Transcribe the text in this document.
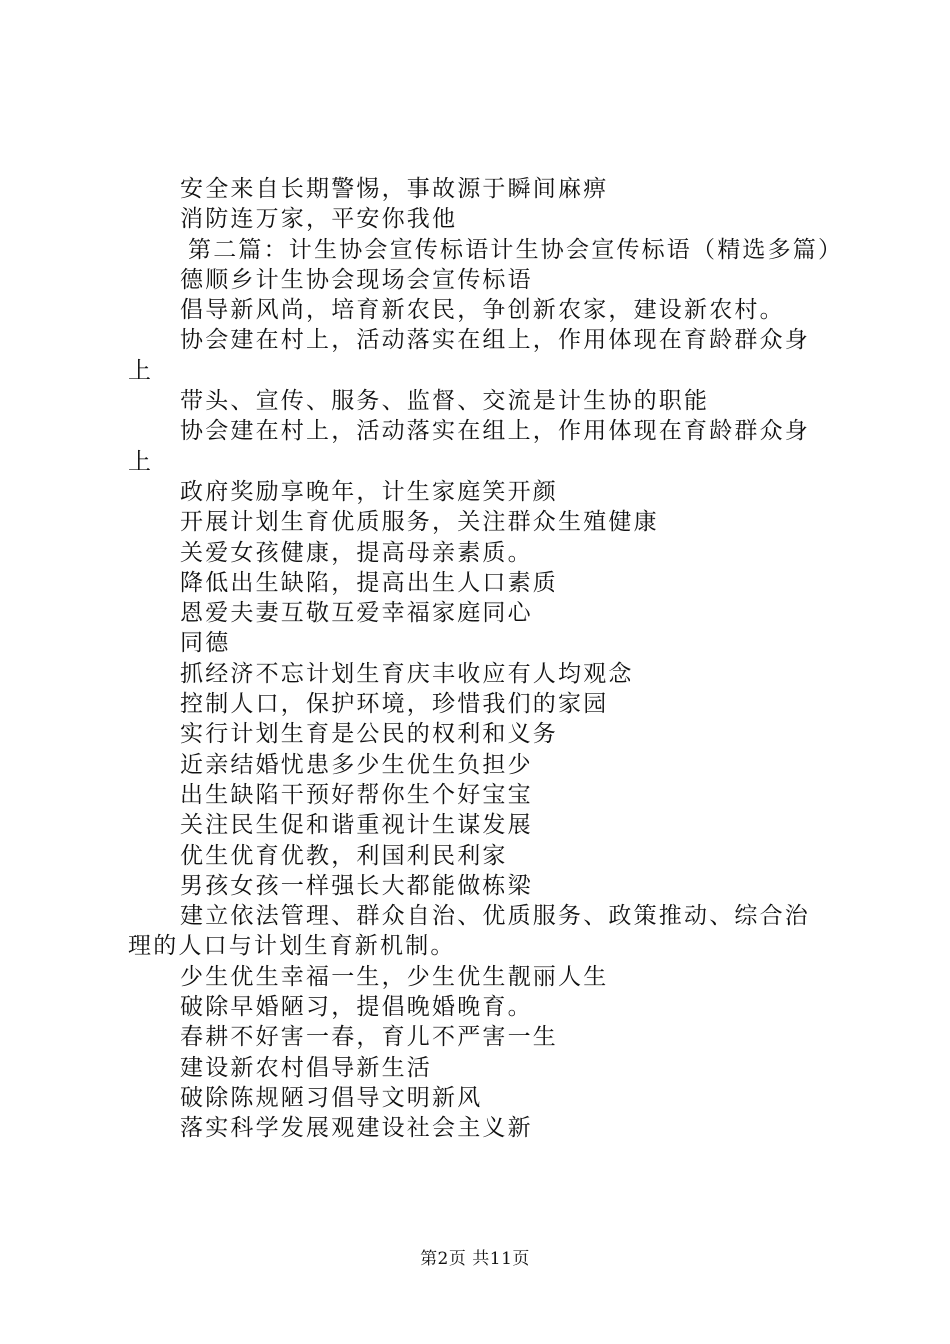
安全来自长期警惕，事故源于瞬间麻痹

消防连万家，平安你我他

第二篇：计生协会宣传标语计生协会宣传标语（精选多篇）

德顺乡计生协会现场会宣传标语

倡导新风尚，培育新农民，争创新农家，建设新农村。

协会建在村上，活动落实在组上，作用体现在育龄群众身上

带头、宣传、服务、监督、交流是计生协的职能

协会建在村上，活动落实在组上，作用体现在育龄群众身上

政府奖励享晚年，计生家庭笑开颜

开展计划生育优质服务，关注群众生殖健康

关爱女孩健康，提高母亲素质。

降低出生缺陷，提高出生人口素质

恩爱夫妻互敬互爱幸福家庭同心

同德

抓经济不忘计划生育庆丰收应有人均观念

控制人口，保护环境，珍惜我们的家园

实行计划生育是公民的权利和义务

近亲结婚忧患多少生优生负担少

出生缺陷干预好帮你生个好宝宝

关注民生促和谐重视计生谋发展

优生优育优教，利国利民利家

男孩女孩一样强长大都能做栋梁

建立依法管理、群众自治、优质服务、政策推动、综合治理的人口与计划生育新机制。

少生优生幸福一生，少生优生靓丽人生

破除早婚陋习，提倡晚婚晚育。

春耕不好害一春，育儿不严害一生

建设新农村倡导新生活

破除陈规陋习倡导文明新风

落实科学发展观建设社会主义新

第2页 共11页
